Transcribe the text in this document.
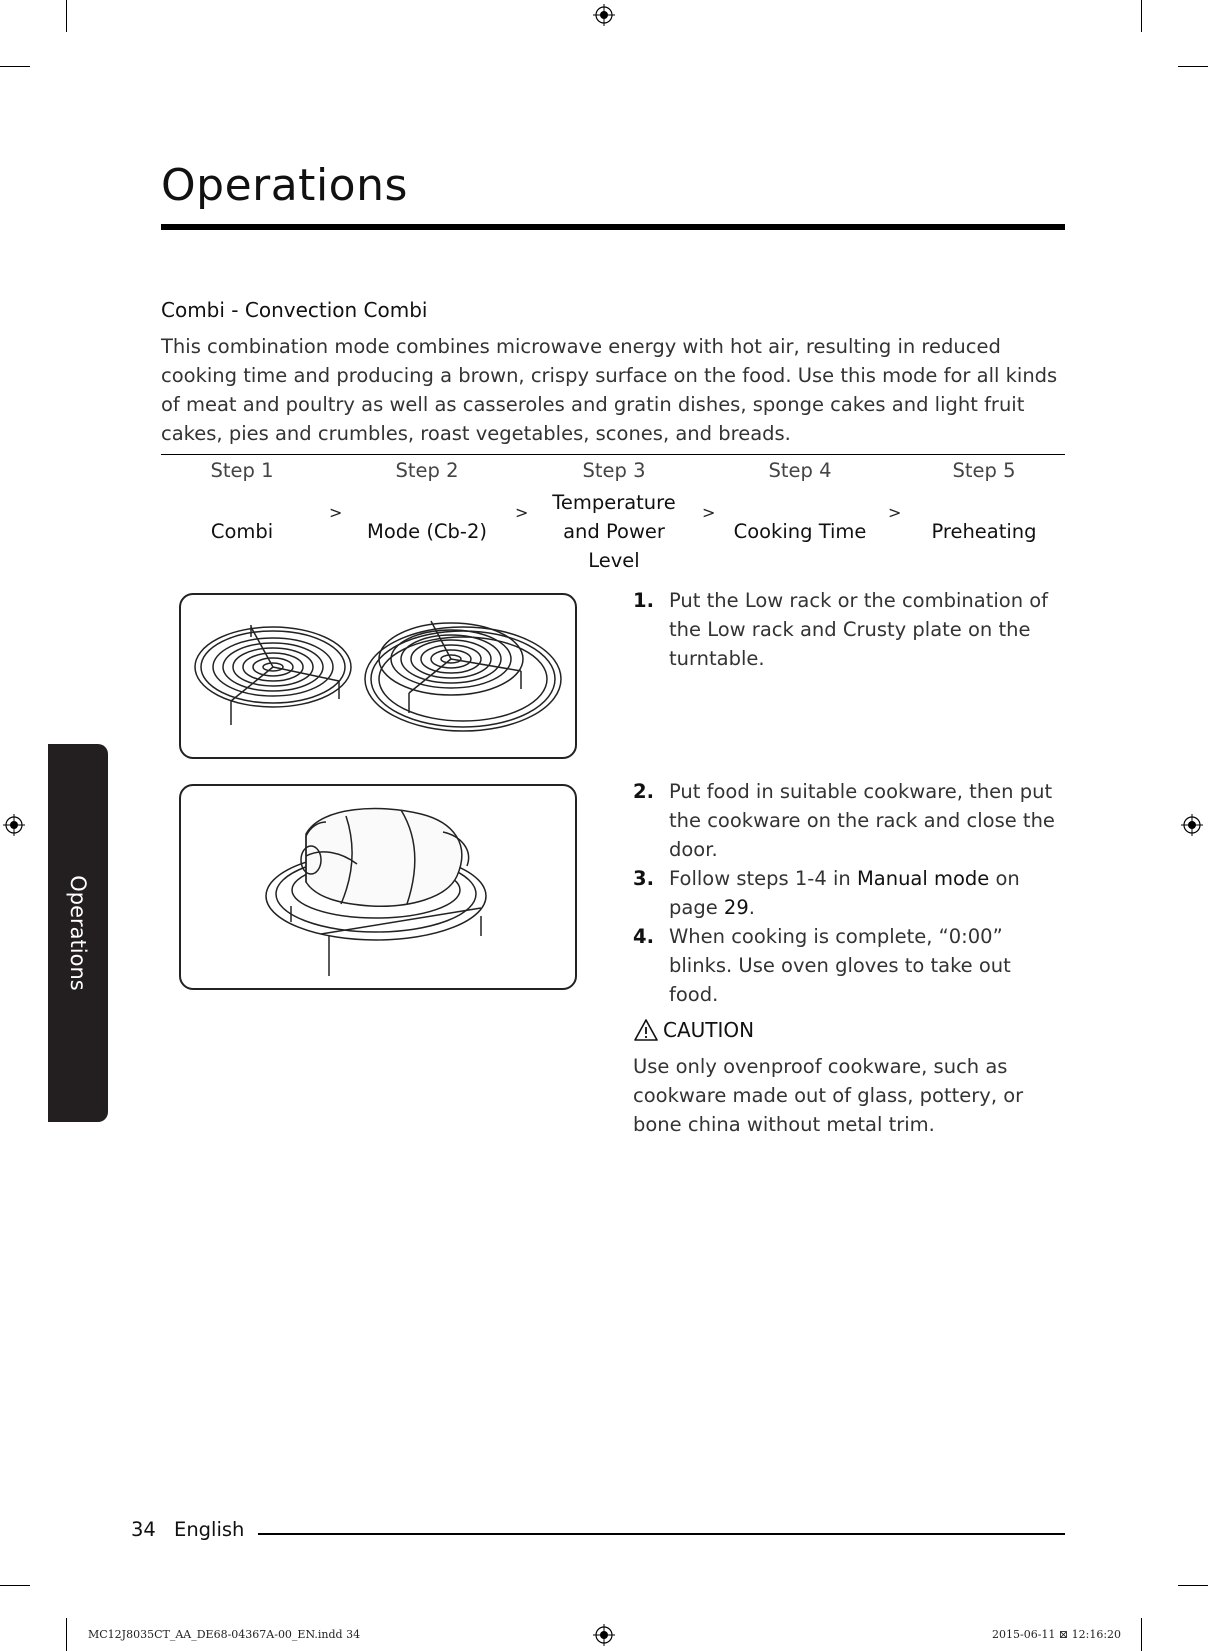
Operations
Combi - Convection Combi

This combination mode combines microwave energy with hot air, resulting in reduced cooking time and producing a brown, crispy surface on the food. Use this mode for all kinds of meat and poultry as well as casseroles and gratin dishes, sponge cakes and light fruit cakes, pies and crumbles, roast vegetables, scones, and breads.

Step 1
Combi
>
Step 2
Mode (Cb-2)
>
Step 3
Temperature and Power Level
>
Step 4
Cooking Time
>
Step 5
Preheating
1. Put the Low rack or the combination of the Low rack and Crusty plate on the turntable.
2. Put food in suitable cookware, then put the cookware on the rack and close the door.
3. Follow steps 1-4 in Manual mode on page 29.
4. When cooking is complete, “0:00” blinks. Use oven gloves to take out food.
CAUTION

Use only ovenproof cookware, such as cookware made out of glass, pottery, or bone china without metal trim.

Operations
34 English
MC12J8035CT_AA_DE68-04367A-00_EN.indd 34	2015-06-11 ⊠ 12:16:20
